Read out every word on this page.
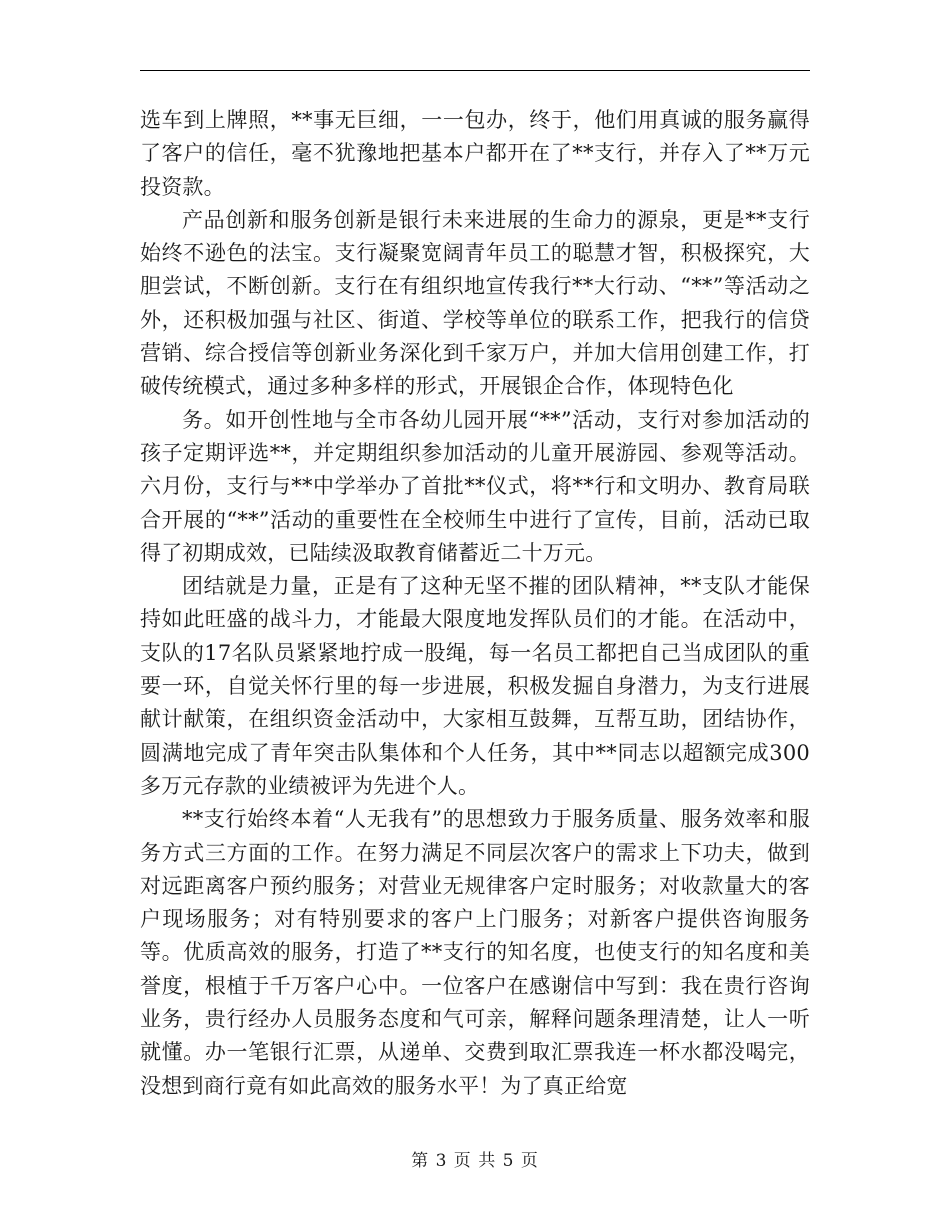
选车到上牌照，**事无巨细，一一包办，终于，他们用真诚的服务赢得了客户的信任，毫不犹豫地把基本户都开在了**支行，并存入了**万元投资款。

产品创新和服务创新是银行未来进展的生命力的源泉，更是**支行始终不逊色的法宝。支行凝聚宽阔青年员工的聪慧才智，积极探究，大胆尝试，不断创新。支行在有组织地宣传我行**大行动、“**”等活动之外，还积极加强与社区、街道、学校等单位的联系工作，把我行的信贷营销、综合授信等创新业务深化到千家万户，并加大信用创建工作，打破传统模式，通过多种多样的形式，开展银企合作，体现特色化

务。如开创性地与全市各幼儿园开展“**”活动，支行对参加活动的孩子定期评选**，并定期组织参加活动的儿童开展游园、参观等活动。六月份，支行与**中学举办了首批**仪式，将**行和文明办、教育局联合开展的“**”活动的重要性在全校师生中进行了宣传，目前，活动已取得了初期成效，已陆续汲取教育储蓄近二十万元。

团结就是力量，正是有了这种无坚不摧的团队精神，**支队才能保持如此旺盛的战斗力，才能最大限度地发挥队员们的才能。在活动中，支队的17名队员紧紧地拧成一股绳，每一名员工都把自己当成团队的重要一环，自觉关怀行里的每一步进展，积极发掘自身潜力，为支行进展献计献策，在组织资金活动中，大家相互鼓舞，互帮互助，团结协作，圆满地完成了青年突击队集体和个人任务，其中**同志以超额完成300多万元存款的业绩被评为先进个人。

**支行始终本着“人无我有”的思想致力于服务质量、服务效率和服务方式三方面的工作。在努力满足不同层次客户的需求上下功夫，做到对远距离客户预约服务；对营业无规律客户定时服务；对收款量大的客户现场服务；对有特别要求的客户上门服务；对新客户提供咨询服务等。优质高效的服务，打造了**支行的知名度，也使支行的知名度和美誉度，根植于千万客户心中。一位客户在感谢信中写到：我在贵行咨询业务，贵行经办人员服务态度和气可亲，解释问题条理清楚，让人一听就懂。办一笔银行汇票，从递单、交费到取汇票我连一杯水都没喝完，没想到商行竟有如此高效的服务水平！为了真正给宽

第 3 页 共 5 页
